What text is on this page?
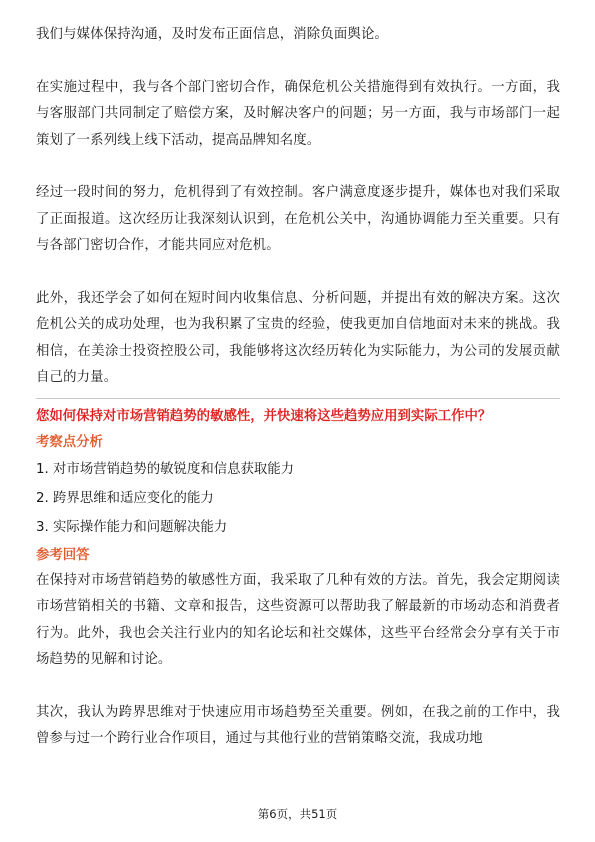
我们与媒体保持沟通，及时发布正面信息，消除负面舆论。

在实施过程中，我与各个部门密切合作，确保危机公关措施得到有效执行。一方面，我与客服部门共同制定了赔偿方案，及时解决客户的问题；另一方面，我与市场部门一起策划了一系列线上线下活动，提高品牌知名度。

经过一段时间的努力，危机得到了有效控制。客户满意度逐步提升，媒体也对我们采取了正面报道。这次经历让我深刻认识到，在危机公关中，沟通协调能力至关重要。只有与各部门密切合作，才能共同应对危机。

此外，我还学会了如何在短时间内收集信息、分析问题，并提出有效的解决方案。这次危机公关的成功处理，也为我积累了宝贵的经验，使我更加自信地面对未来的挑战。我相信，在美涂士投资控股公司，我能够将这次经历转化为实际能力，为公司的发展贡献自己的力量。

您如何保持对市场营销趋势的敏感性，并快速将这些趋势应用到实际工作中？

考察点分析

1. 对市场营销趋势的敏锐度和信息获取能力
2. 跨界思维和适应变化的能力
3. 实际操作能力和问题解决能力

参考回答

在保持对市场营销趋势的敏感性方面，我采取了几种有效的方法。首先，我会定期阅读市场营销相关的书籍、文章和报告，这些资源可以帮助我了解最新的市场动态和消费者行为。此外，我也会关注行业内的知名论坛和社交媒体，这些平台经常会分享有关于市场趋势的见解和讨论。

其次，我认为跨界思维对于快速应用市场趋势至关重要。例如，在我之前的工作中，我曾参与过一个跨行业合作项目，通过与其他行业的营销策略交流，我成功地

第6页，共51页
